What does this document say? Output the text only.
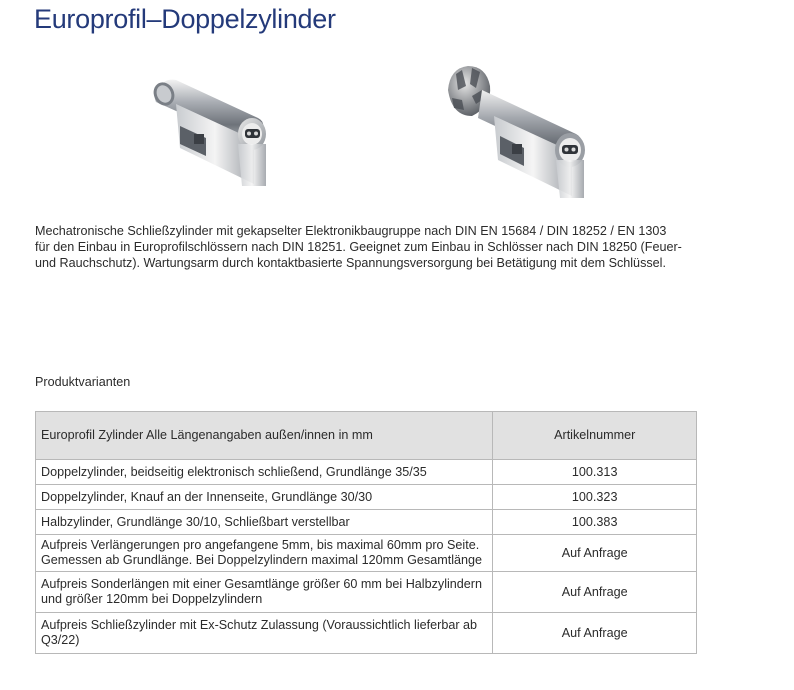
Europrofil–Doppelzylinder

Mechatronische Schließzylinder mit gekapselter Elektronikbaugruppe nach DIN EN 15684 / DIN 18252 / EN 1303
für den Einbau in Europrofilschlössern nach DIN 18251. Geeignet zum Einbau in Schlösser nach DIN 18250 (Feuer-
und Rauchschutz). Wartungsarm durch kontaktbasierte Spannungsversorgung bei Betätigung mit dem Schlüssel.

Produktvarianten

Europrofil Zylinder Alle Längenangaben außen/innen in mm	Artikelnummer
Doppelzylinder, beidseitig elektronisch schließend, Grundlänge 35/35	100.313
Doppelzylinder, Knauf an der Innenseite, Grundlänge 30/30	100.323
Halbzylinder, Grundlänge 30/10, Schließbart verstellbar	100.383
Aufpreis Verlängerungen pro angefangene 5mm, bis maximal 60mm pro Seite. Gemessen ab Grundlänge. Bei Doppelzylindern maximal 120mm Gesamtlänge	Auf Anfrage
Aufpreis Sonderlängen mit einer Gesamtlänge größer 60 mm bei Halbzylindern und größer 120mm bei Doppelzylindern	Auf Anfrage
Aufpreis Schließzylinder mit Ex-Schutz Zulassung (Voraussichtlich lieferbar ab Q3/22)	Auf Anfrage
